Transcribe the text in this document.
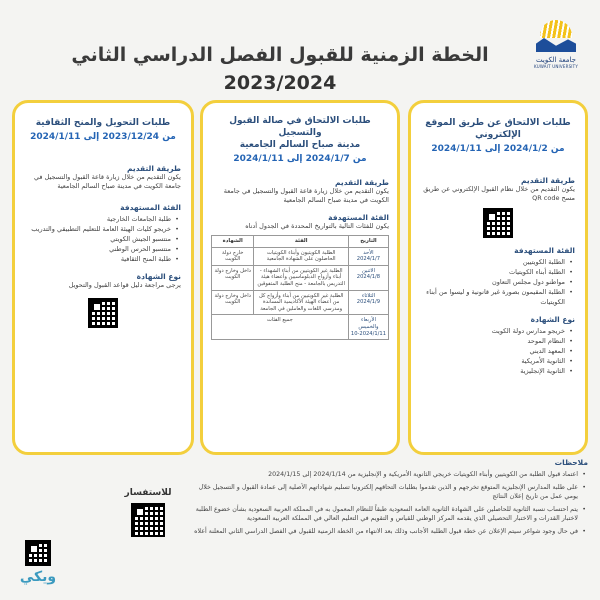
جامعة الكويت
KUWAIT UNIVERSITY
الخطة الزمنية للقبول الفصل الدراسي الثاني
2023/2024
طلبات الالتحاق عن طريق الموقع الإلكتروني
من 2024/1/2 إلى 2024/1/11
طريقة التقديم
يكون التقديم من خلال نظام القبول الإلكتروني عن طريق مسح QR code
الفئة المستهدفة
• الطلبة الكويتيين
• الطلبة أبناء الكويتيات
• مواطنو دول مجلس التعاون
• الطلبة المقيمون بصورة غير قانونية و ليسوا من أبناء الكويتيات
نوع الشهادة
• خريجو مدارس دولة الكويت
• النظام الموحد
• المعهد الديني
• الثانوية الأمريكية
• الثانوية الإنجليزية
طلبات الالتحاق في صالة القبول والتسجيل
مدينة صباح السالم الجامعية
من 2024/1/7 إلى 2024/1/11
طريقة التقديم
يكون التقديم من خلال زيارة قاعة القبول والتسجيل في جامعة الكويت في مدينة صباح السالم الجامعية
الفئة المستهدفة
يكون للفئات التالية بالتواريخ المحددة في الجدول أدناه
التاريخ	الفئة	الشهادة
الأحد 2024/1/7	الطلبة الكويتيون وأبناء الكويتيات الحاصلون على الشهادة الجامعية	خارج دولة الكويت
الاثنين 2024/1/8	الطلبة غير الكويتيين من أبناء الشهداء - أبناء وأزواج الدبلوماسيين وأعضاء هيئة التدريس بالجامعة - منح الطلبة المتفوقين	داخل وخارج دولة الكويت
الثلاثاء 2024/1/9	الطلبة غير الكويتيين من أبناء وأزواج كل من أعضاء الهيئة الأكاديمية المساندة ومدرسي اللغات والعاملين في الجامعة	داخل وخارج دولة الكويت
الأربعاء والخميس 2024/1/11-10	جميع الفئات	
طلبات التحويل والمنح الثقافية
من 2023/12/24 إلى 2024/1/11
طريقة التقديم
يكون التقديم من خلال زيارة قاعة القبول والتسجيل في جامعة الكويت في مدينة صباح السالم الجامعية
الفئة المستهدفة
• طلبة الجامعات الخارجية
• خريجو كليات الهيئة العامة للتعليم التطبيقي والتدريب
• منتسبو الجيش الكويتي
• منتسبو الحرس الوطني
• طلبة المنح الثقافية
نوع الشهادة
يرجى مراجعة دليل قواعد القبول والتحويل
ملاحظات
• اعتماد قبول الطلبة من الكويتيين وأبناء الكويتيات خريجي الثانوية الأمريكية و الإنجليزية من 2024/1/14 إلى 2024/1/15
• على طلبة المدارس الإنجليزية المتوقع تخرجهم و الذين تقدموا بطلبات التحاقهم إلكترونيا تسليم شهاداتهم الأصلية إلى عمادة القبول و التسجيل خلال يومي عمل من تاريخ إعلان النتائج
• يتم احتساب نسبة الثانوية للحاصلين على الشهادة الثانوية العامة السعودية طبقاً للنظام المعمول به في المملكة العربية السعودية بشأن خضوع الطلبة لاختبار القدرات و الاختبار التحصيلي الذي يقدمه المركز الوطني للقياس و التقويم في التعليم العالي في المملكة العربية السعودية
• في حال وجود شواغر سيتم الإعلان عن خطة قبول الطلبة الأجانب وذلك بعد الانتهاء من الخطة الزمنية للقبول في الفصل الدراسي الثاني المعلنة أعلاه
للاستفسار
ويكي
